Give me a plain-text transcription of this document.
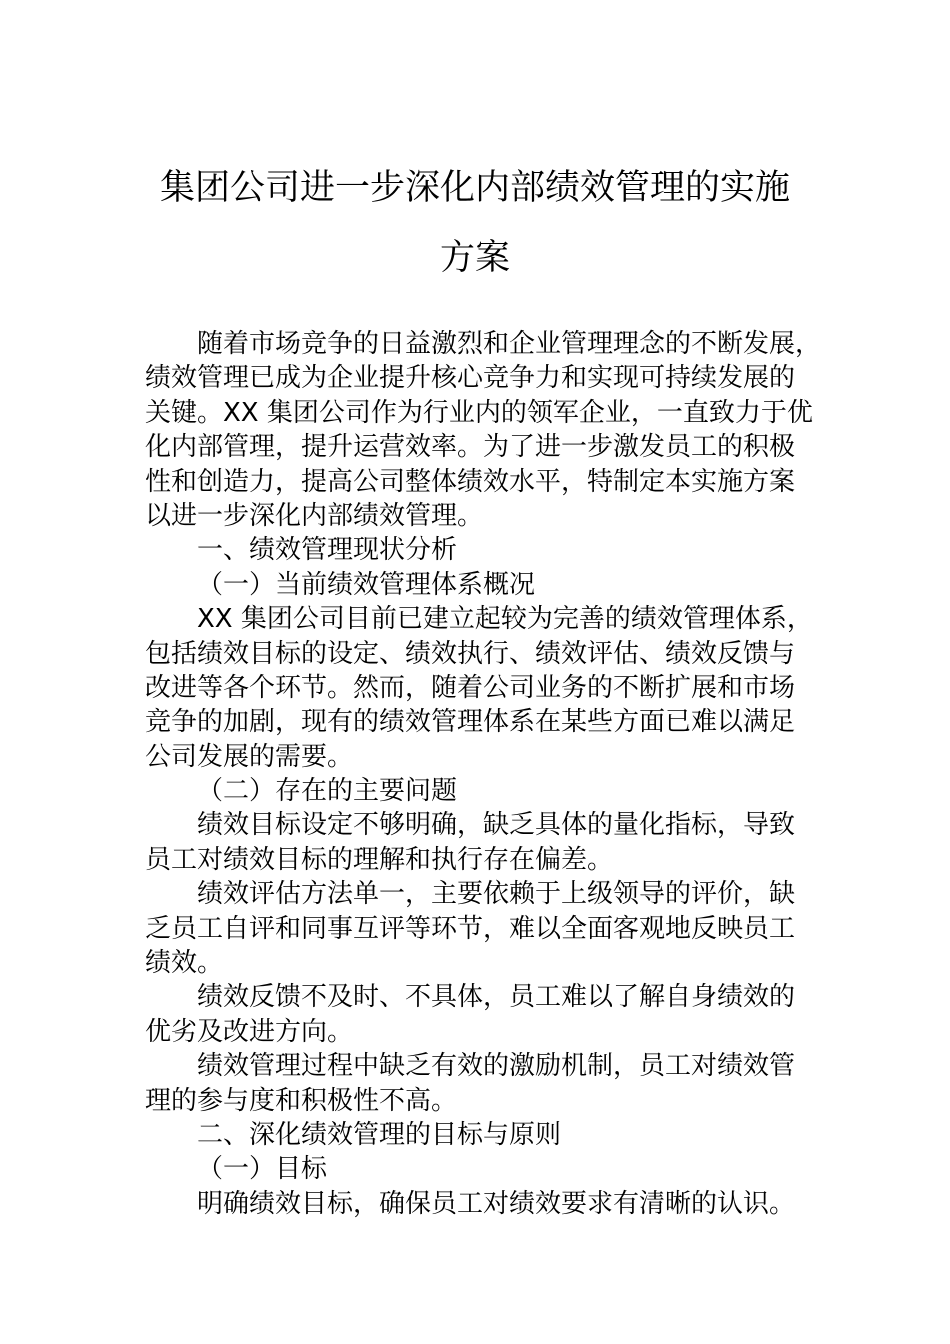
集团公司进一步深化内部绩效管理的实施
方案
随着市场竞争的日益激烈和企业管理理念的不断发展，
绩效管理已成为企业提升核心竞争力和实现可持续发展的
关键。XX 集团公司作为行业内的领军企业，一直致力于优
化内部管理，提升运营效率。为了进一步激发员工的积极
性和创造力，提高公司整体绩效水平，特制定本实施方案
以进一步深化内部绩效管理。
一、绩效管理现状分析
（一）当前绩效管理体系概况
XX 集团公司目前已建立起较为完善的绩效管理体系，
包括绩效目标的设定、绩效执行、绩效评估、绩效反馈与
改进等各个环节。然而，随着公司业务的不断扩展和市场
竞争的加剧，现有的绩效管理体系在某些方面已难以满足
公司发展的需要。
（二）存在的主要问题
绩效目标设定不够明确，缺乏具体的量化指标，导致
员工对绩效目标的理解和执行存在偏差。
绩效评估方法单一，主要依赖于上级领导的评价，缺
乏员工自评和同事互评等环节，难以全面客观地反映员工
绩效。
绩效反馈不及时、不具体，员工难以了解自身绩效的
优劣及改进方向。
绩效管理过程中缺乏有效的激励机制，员工对绩效管
理的参与度和积极性不高。
二、深化绩效管理的目标与原则
（一）目标
明确绩效目标，确保员工对绩效要求有清晰的认识。
